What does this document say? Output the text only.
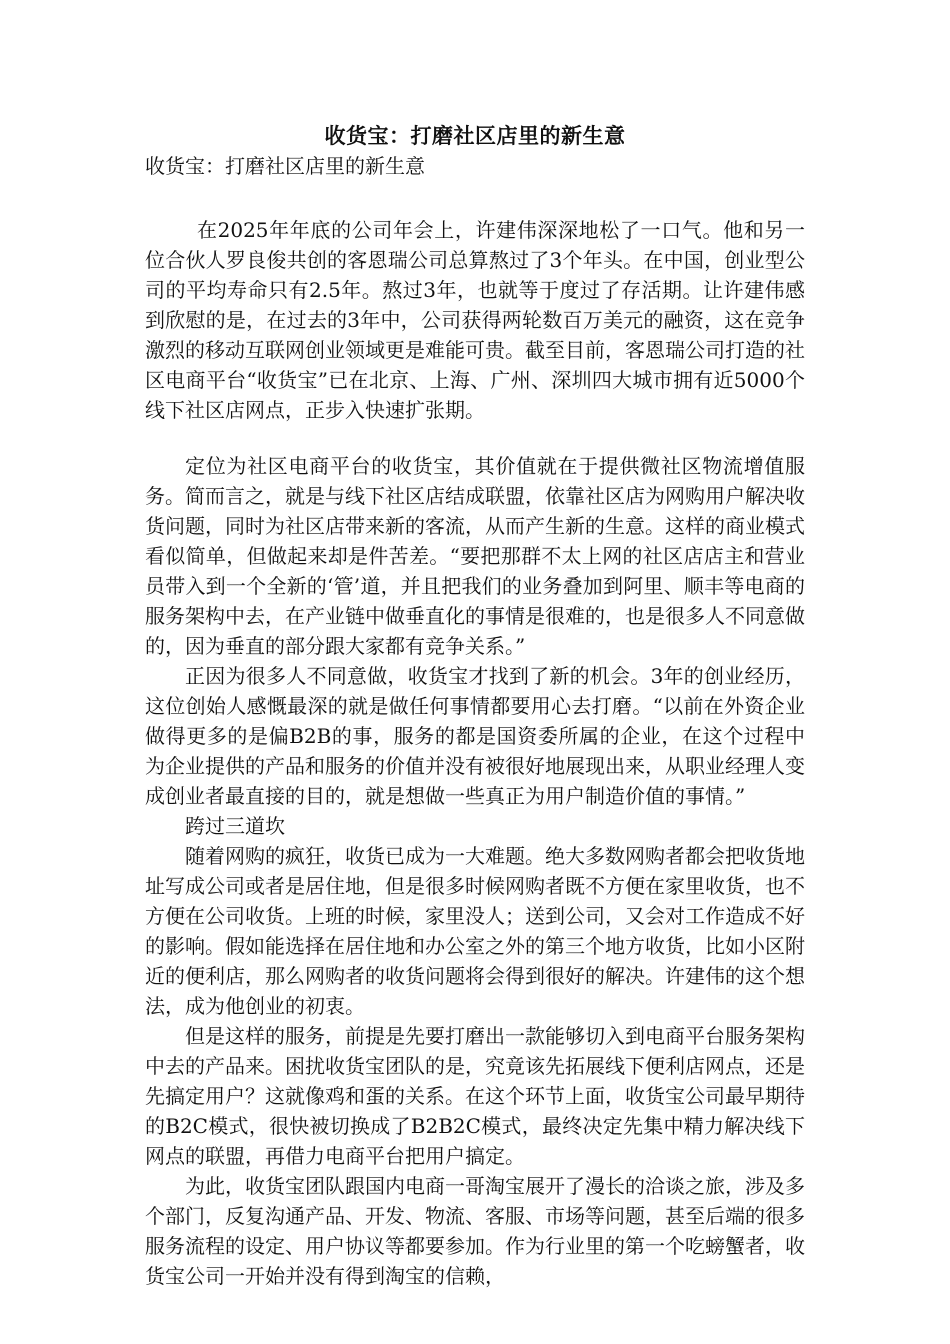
收货宝：打磨社区店里的新生意

收货宝：打磨社区店里的新生意

在2025年年底的公司年会上，许建伟深深地松了一口气。他和另一位合伙人罗良俊共创的客恩瑞公司总算熬过了3个年头。在中国，创业型公司的平均寿命只有2.5年。熬过3年，也就等于度过了存活期。让许建伟感到欣慰的是，在过去的3年中，公司获得两轮数百万美元的融资，这在竞争激烈的移动互联网创业领域更是难能可贵。截至目前，客恩瑞公司打造的社区电商平台“收货宝”已在北京、上海、广州、深圳四大城市拥有近5000个线下社区店网点，正步入快速扩张期。

定位为社区电商平台的收货宝，其价值就在于提供微社区物流增值服务。简而言之，就是与线下社区店结成联盟，依靠社区店为网购用户解决收货问题，同时为社区店带来新的客流，从而产生新的生意。这样的商业模式看似简单，但做起来却是件苦差。“要把那群不太上网的社区店店主和营业员带入到一个全新的‘管’道，并且把我们的业务叠加到阿里、顺丰等电商的服务架构中去，在产业链中做垂直化的事情是很难的，也是很多人不同意做的，因为垂直的部分跟大家都有竞争关系。”

正因为很多人不同意做，收货宝才找到了新的机会。3年的创业经历，这位创始人感慨最深的就是做任何事情都要用心去打磨。“以前在外资企业做得更多的是偏B2B的事，服务的都是国资委所属的企业，在这个过程中为企业提供的产品和服务的价值并没有被很好地展现出来，从职业经理人变成创业者最直接的目的，就是想做一些真正为用户制造价值的事情。”

跨过三道坎

随着网购的疯狂，收货已成为一大难题。绝大多数网购者都会把收货地址写成公司或者是居住地，但是很多时候网购者既不方便在家里收货，也不方便在公司收货。上班的时候，家里没人；送到公司，又会对工作造成不好的影响。假如能选择在居住地和办公室之外的第三个地方收货，比如小区附近的便利店，那么网购者的收货问题将会得到很好的解决。许建伟的这个想法，成为他创业的初衷。

但是这样的服务，前提是先要打磨出一款能够切入到电商平台服务架构中去的产品来。困扰收货宝团队的是，究竟该先拓展线下便利店网点，还是先搞定用户？这就像鸡和蛋的关系。在这个环节上面，收货宝公司最早期待的B2C模式，很快被切换成了B2B2C模式，最终决定先集中精力解决线下网点的联盟，再借力电商平台把用户搞定。

为此，收货宝团队跟国内电商一哥淘宝展开了漫长的洽谈之旅，涉及多个部门，反复沟通产品、开发、物流、客服、市场等问题，甚至后端的很多服务流程的设定、用户协议等都要参加。作为行业里的第一个吃螃蟹者，收货宝公司一开始并没有得到淘宝的信赖，
